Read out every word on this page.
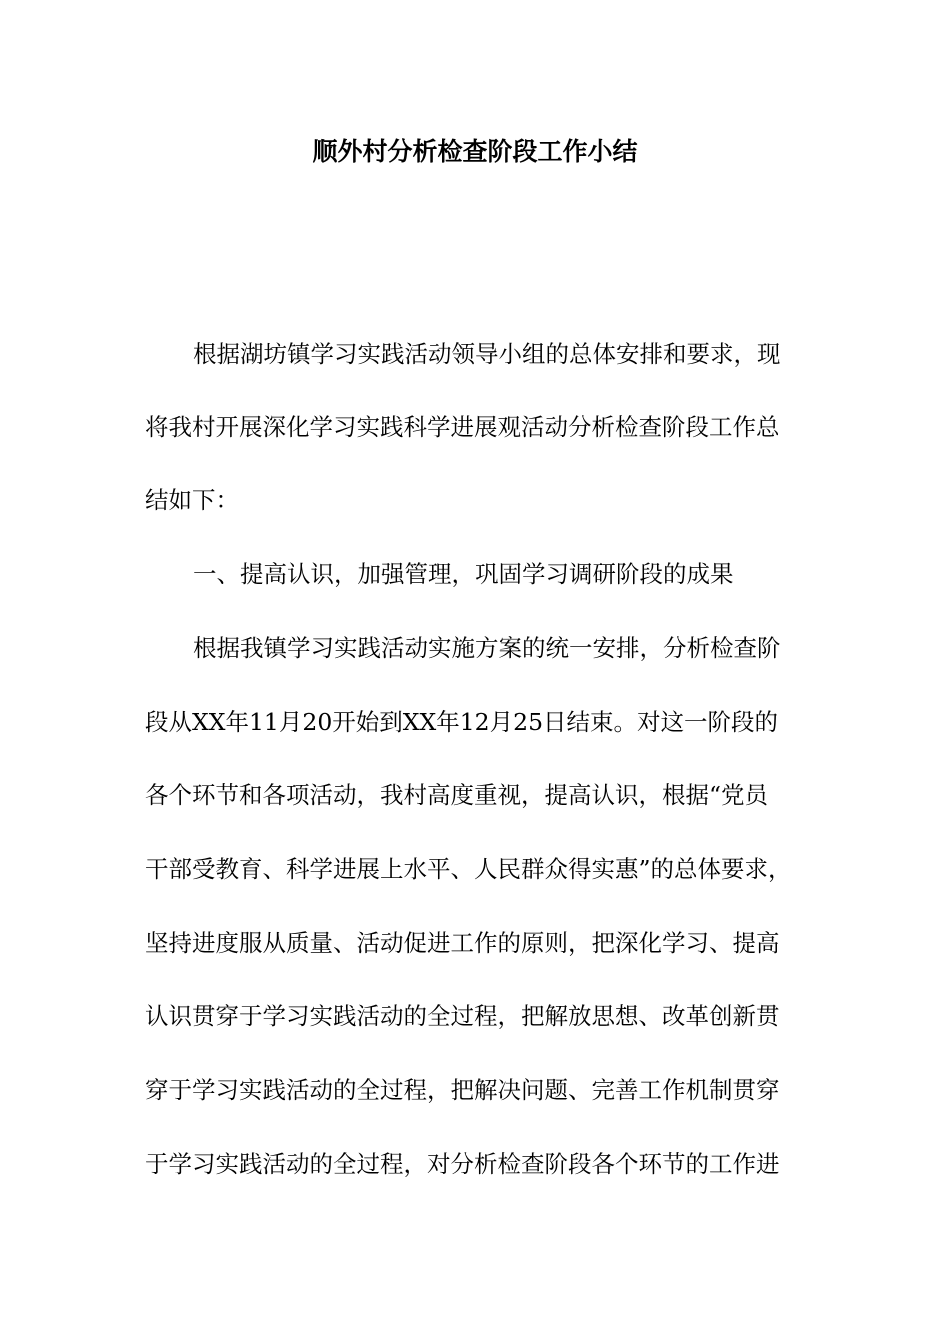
顺外村分析检查阶段工作小结
根据湖坊镇学习实践活动领导小组的总体安排和要求，现
将我村开展深化学习实践科学进展观活动分析检查阶段工作总
结如下：
一、提高认识，加强管理，巩固学习调研阶段的成果
根据我镇学习实践活动实施方案的统一安排，分析检查阶
段从XX年11月20开始到XX年12月25日结束。对这一阶段的
各个环节和各项活动，我村高度重视，提高认识，根据“党员
干部受教育、科学进展上水平、人民群众得实惠”的总体要求，
坚持进度服从质量、活动促进工作的原则，把深化学习、提高
认识贯穿于学习实践活动的全过程，把解放思想、改革创新贯
穿于学习实践活动的全过程，把解决问题、完善工作机制贯穿
于学习实践活动的全过程，对分析检查阶段各个环节的工作进
